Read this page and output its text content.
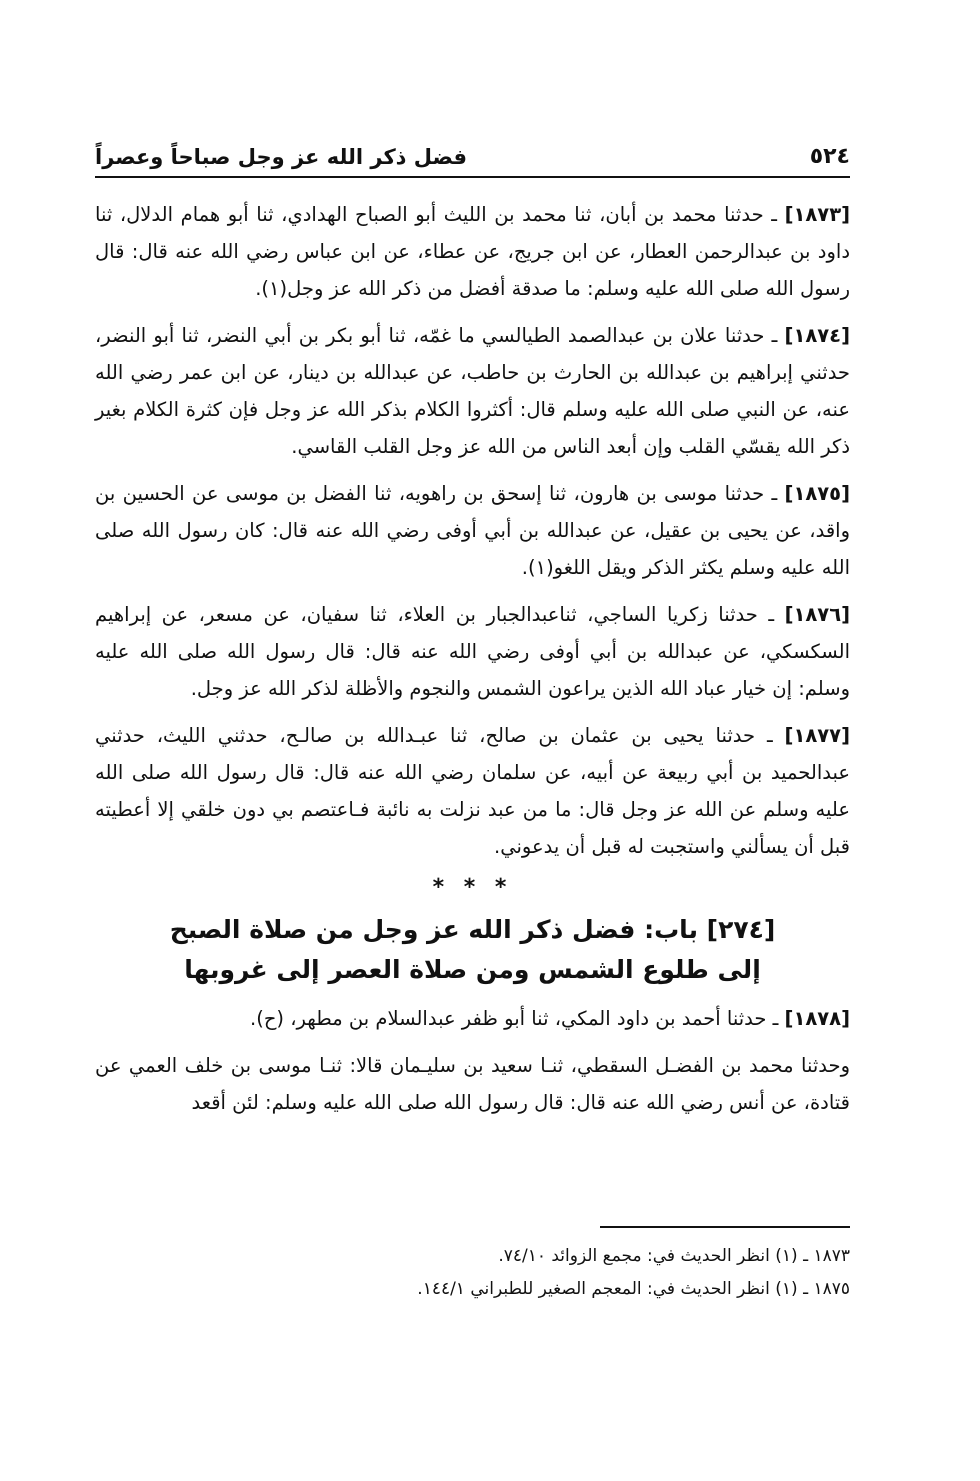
٥٢٤
فضل ذكر الله عز وجل صباحاً وعصراً

[١٨٧٣] ـ حدثنا محمد بن أبان، ثنا محمد بن الليث أبو الصباح الهدادي، ثنا أبو همام الدلال، ثنا داود بن عبدالرحمن العطار، عن ابن جريج، عن عطاء، عن ابن عباس رضي الله عنه قال: قال رسول الله صلى الله عليه وسلم: ما صدقة أفضل من ذكر الله عز وجل(١).

[١٨٧٤] ـ حدثنا علان بن عبدالصمد الطيالسي ما غمّه، ثنا أبو بكر بن أبي النضر، ثنا أبو النضر، حدثني إبراهيم بن عبدالله بن الحارث بن حاطب، عن عبدالله بن دينار، عن ابن عمر رضي الله عنه، عن النبي صلى الله عليه وسلم قال: أكثروا الكلام بذكر الله عز وجل فإن كثرة الكلام بغير ذكر الله يقسّي القلب وإن أبعد الناس من الله عز وجل القلب القاسي.

[١٨٧٥] ـ حدثنا موسى بن هارون، ثنا إسحق بن راهويه، ثنا الفضل بن موسى عن الحسين بن واقد، عن يحيى بن عقيل، عن عبدالله بن أبي أوفى رضي الله عنه قال: كان رسول الله صلى الله عليه وسلم يكثر الذكر ويقل اللغو(١).

[١٨٧٦] ـ حدثنا زكريا الساجي، ثناعبدالجبار بن العلاء، ثنا سفيان، عن مسعر، عن إبراهيم السكسكي، عن عبدالله بن أبي أوفى رضي الله عنه قال: قال رسول الله صلى الله عليه وسلم: إن خيار عباد الله الذين يراعون الشمس والنجوم والأظلة لذكر الله عز وجل.

[١٨٧٧] ـ حدثنا يحيى بن عثمان بن صالح، ثنا عبـدالله بن صالـح، حدثني الليث، حدثني عبدالحميد بن أبي ربيعة عن أبيه، عن سلمان رضي الله عنه قال: قال رسول الله صلى الله عليه وسلم عن الله عز وجل قال: ما من عبد نزلت به نائبة فـاعتصم بي دون خلقي إلا أعطيته قبل أن يسألني واستجبت له قبل أن يدعوني.

* * *
[٢٧٤] باب: فضل ذكر الله عز وجل من صلاة الصبح
إلى طلوع الشمس ومن صلاة العصر إلى غروبها

[١٨٧٨] ـ حدثنا أحمد بن داود المكي، ثنا أبو ظفر عبدالسلام بن مطهر، (ح).

وحدثنا محمد بن الفضـل السقطي، ثنـا سعيد بن سليـمان قالا: ثنـا موسى بن خلف العمي عن قتادة، عن أنس رضي الله عنه قال: قال رسول الله صلى الله عليه وسلم: لئن أقعد

١٨٧٣ ـ (١) انظر الحديث في: مجمع الزوائد ٧٤/١٠.
١٨٧٥ ـ (١) انظر الحديث في: المعجم الصغير للطبراني ١٤٤/١.
